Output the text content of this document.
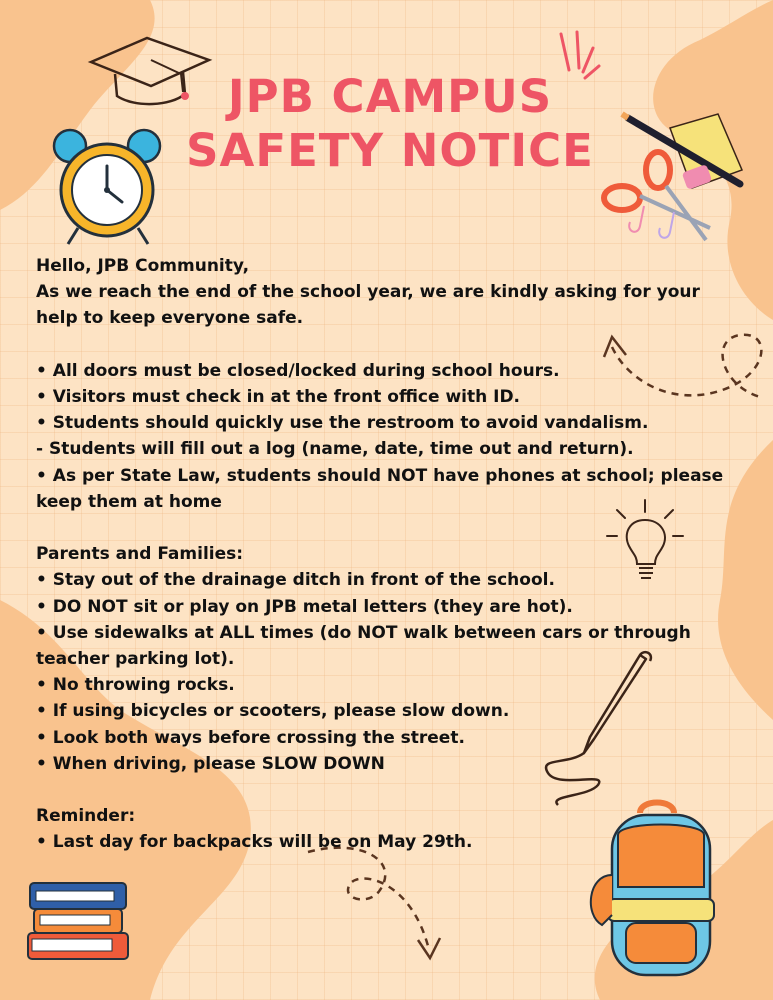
JPB CAMPUS
SAFETY NOTICE

Hello, JPB Community,

As we reach the end of the school year, we are kindly asking for your help to keep everyone safe.

• All doors must be closed/locked during school hours.

• Visitors must check in at the front office with ID.

• Students should quickly use the restroom to avoid vandalism.

- Students will fill out a log (name, date, time out and return).

• As per State Law, students should NOT have phones at school; please keep them at home

Parents and Families:

• Stay out of the drainage ditch in front of the school.

• DO NOT sit or play on JPB metal letters (they are hot).

• Use sidewalks at ALL times (do NOT walk between cars or through teacher parking lot).

• No throwing rocks.

• If using bicycles or scooters, please slow down.

• Look both ways before crossing the street.

• When driving, please SLOW DOWN

Reminder:

• Last day for backpacks will be on May 29th.
